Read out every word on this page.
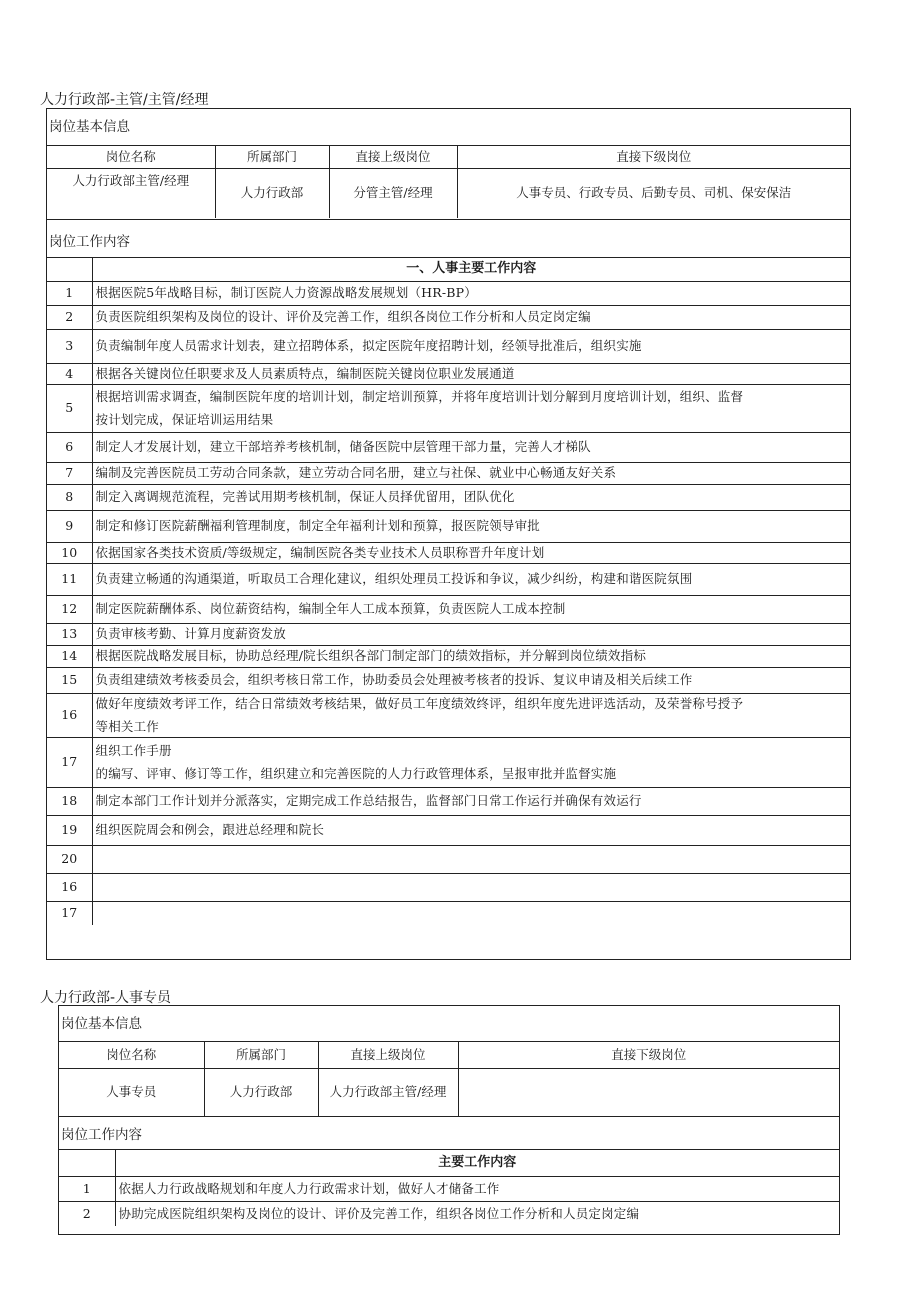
人力行政部-主管/主管/经理
岗位基本信息
岗位名称	所属部门	直接上级岗位	直接下级岗位
人力行政部主管/经理	人力行政部	分管主管/经理	人事专员、行政专员、后勤专员、司机、保安保洁
岗位工作内容
	一、人事主要工作内容
1	根据医院5年战略目标，制订医院人力资源战略发展规划（HR-BP）

2	负责医院组织架构及岗位的设计、评价及完善工作，组织各岗位工作分析和人员定岗定编

3	负责编制年度人员需求计划表，建立招聘体系，拟定医院年度招聘计划，经领导批准后，组织实施

4	根据各关键岗位任职要求及人员素质特点，编制医院关键岗位职业发展通道

5	根据培训需求调查，编制医院年度的培训计划，制定培训预算，并将年度培训计划分解到月度培训计划，组织、监督
按计划完成，保证培训运用结果

6	制定人才发展计划，建立干部培养考核机制，储备医院中层管理干部力量，完善人才梯队

7	编制及完善医院员工劳动合同条款，建立劳动合同名册，建立与社保、就业中心畅通友好关系

8	制定入离调规范流程，完善试用期考核机制，保证人员择优留用，团队优化

9	制定和修订医院薪酬福利管理制度，制定全年福利计划和预算，报医院领导审批

10	依据国家各类技术资质/等级规定，编制医院各类专业技术人员职称晋升年度计划

11	负责建立畅通的沟通渠道，听取员工合理化建议，组织处理员工投诉和争议，减少纠纷，构建和谐医院氛围

12	制定医院薪酬体系、岗位薪资结构，编制全年人工成本预算，负责医院人工成本控制

13	负责审核考勤、计算月度薪资发放

14	根据医院战略发展目标，协助总经理/院长组织各部门制定部门的绩效指标，并分解到岗位绩效指标

15	负责组建绩效考核委员会，组织考核日常工作，协助委员会处理被考核者的投诉、复议申请及相关后续工作

16	做好年度绩效考评工作，结合日常绩效考核结果，做好员工年度绩效终评，组织年度先进评选活动，及荣誉称号授予
等相关工作

17	组织工作手册
的编写、评审、修订等工作，组织建立和完善医院的人力行政管理体系，呈报审批并监督实施

18	制定本部门工作计划并分派落实，定期完成工作总结报告，监督部门日常工作运行并确保有效运行

19	组织医院周会和例会，跟进总经理和院长

20	

16	

17	
人力行政部-人事专员
岗位基本信息
岗位名称	所属部门	直接上级岗位	直接下级岗位
人事专员	人力行政部	人力行政部主管/经理	
岗位工作内容
	主要工作内容
1	依据人力行政战略规划和年度人力行政需求计划，做好人才储备工作

2	协助完成医院组织架构及岗位的设计、评价及完善工作，组织各岗位工作分析和人员定岗定编
